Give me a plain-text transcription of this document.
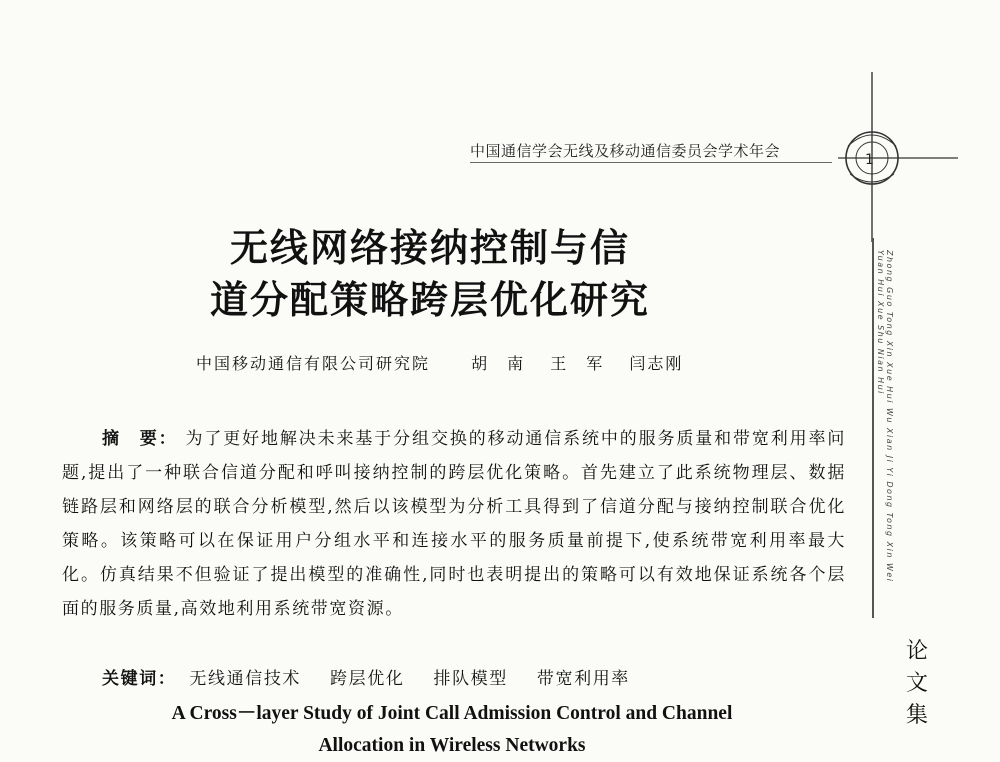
中国通信学会无线及移动通信委员会学术年会	1
Zhong Guo Tong Xin Xue Hui Wu Xian Ji Yi Dong Tong Xin Wei Yuan Hui Xue Shu Nian Hui
无线网络接纳控制与信
道分配策略跨层优化研究
中国移动通信有限公司研究院	胡　南 王　军 闫志刚
摘　要： 为了更好地解决未来基于分组交换的移动通信系统中的服务质量和带宽利用率问题,提出了一种联合信道分配和呼叫接纳控制的跨层优化策略。首先建立了此系统物理层、数据链路层和网络层的联合分析模型,然后以该模型为分析工具得到了信道分配与接纳控制联合优化策略。该策略可以在保证用户分组水平和连接水平的服务质量前提下,使系统带宽利用率最大化。仿真结果不但验证了提出模型的准确性,同时也表明提出的策略可以有效地保证系统各个层面的服务质量,高效地利用系统带宽资源。
关键词： 无线通信技术 跨层优化 排队模型 带宽利用率
A Cross－layer Study of Joint Call Admission Control and Channel
Allocation in Wireless Networks
论
文
集
